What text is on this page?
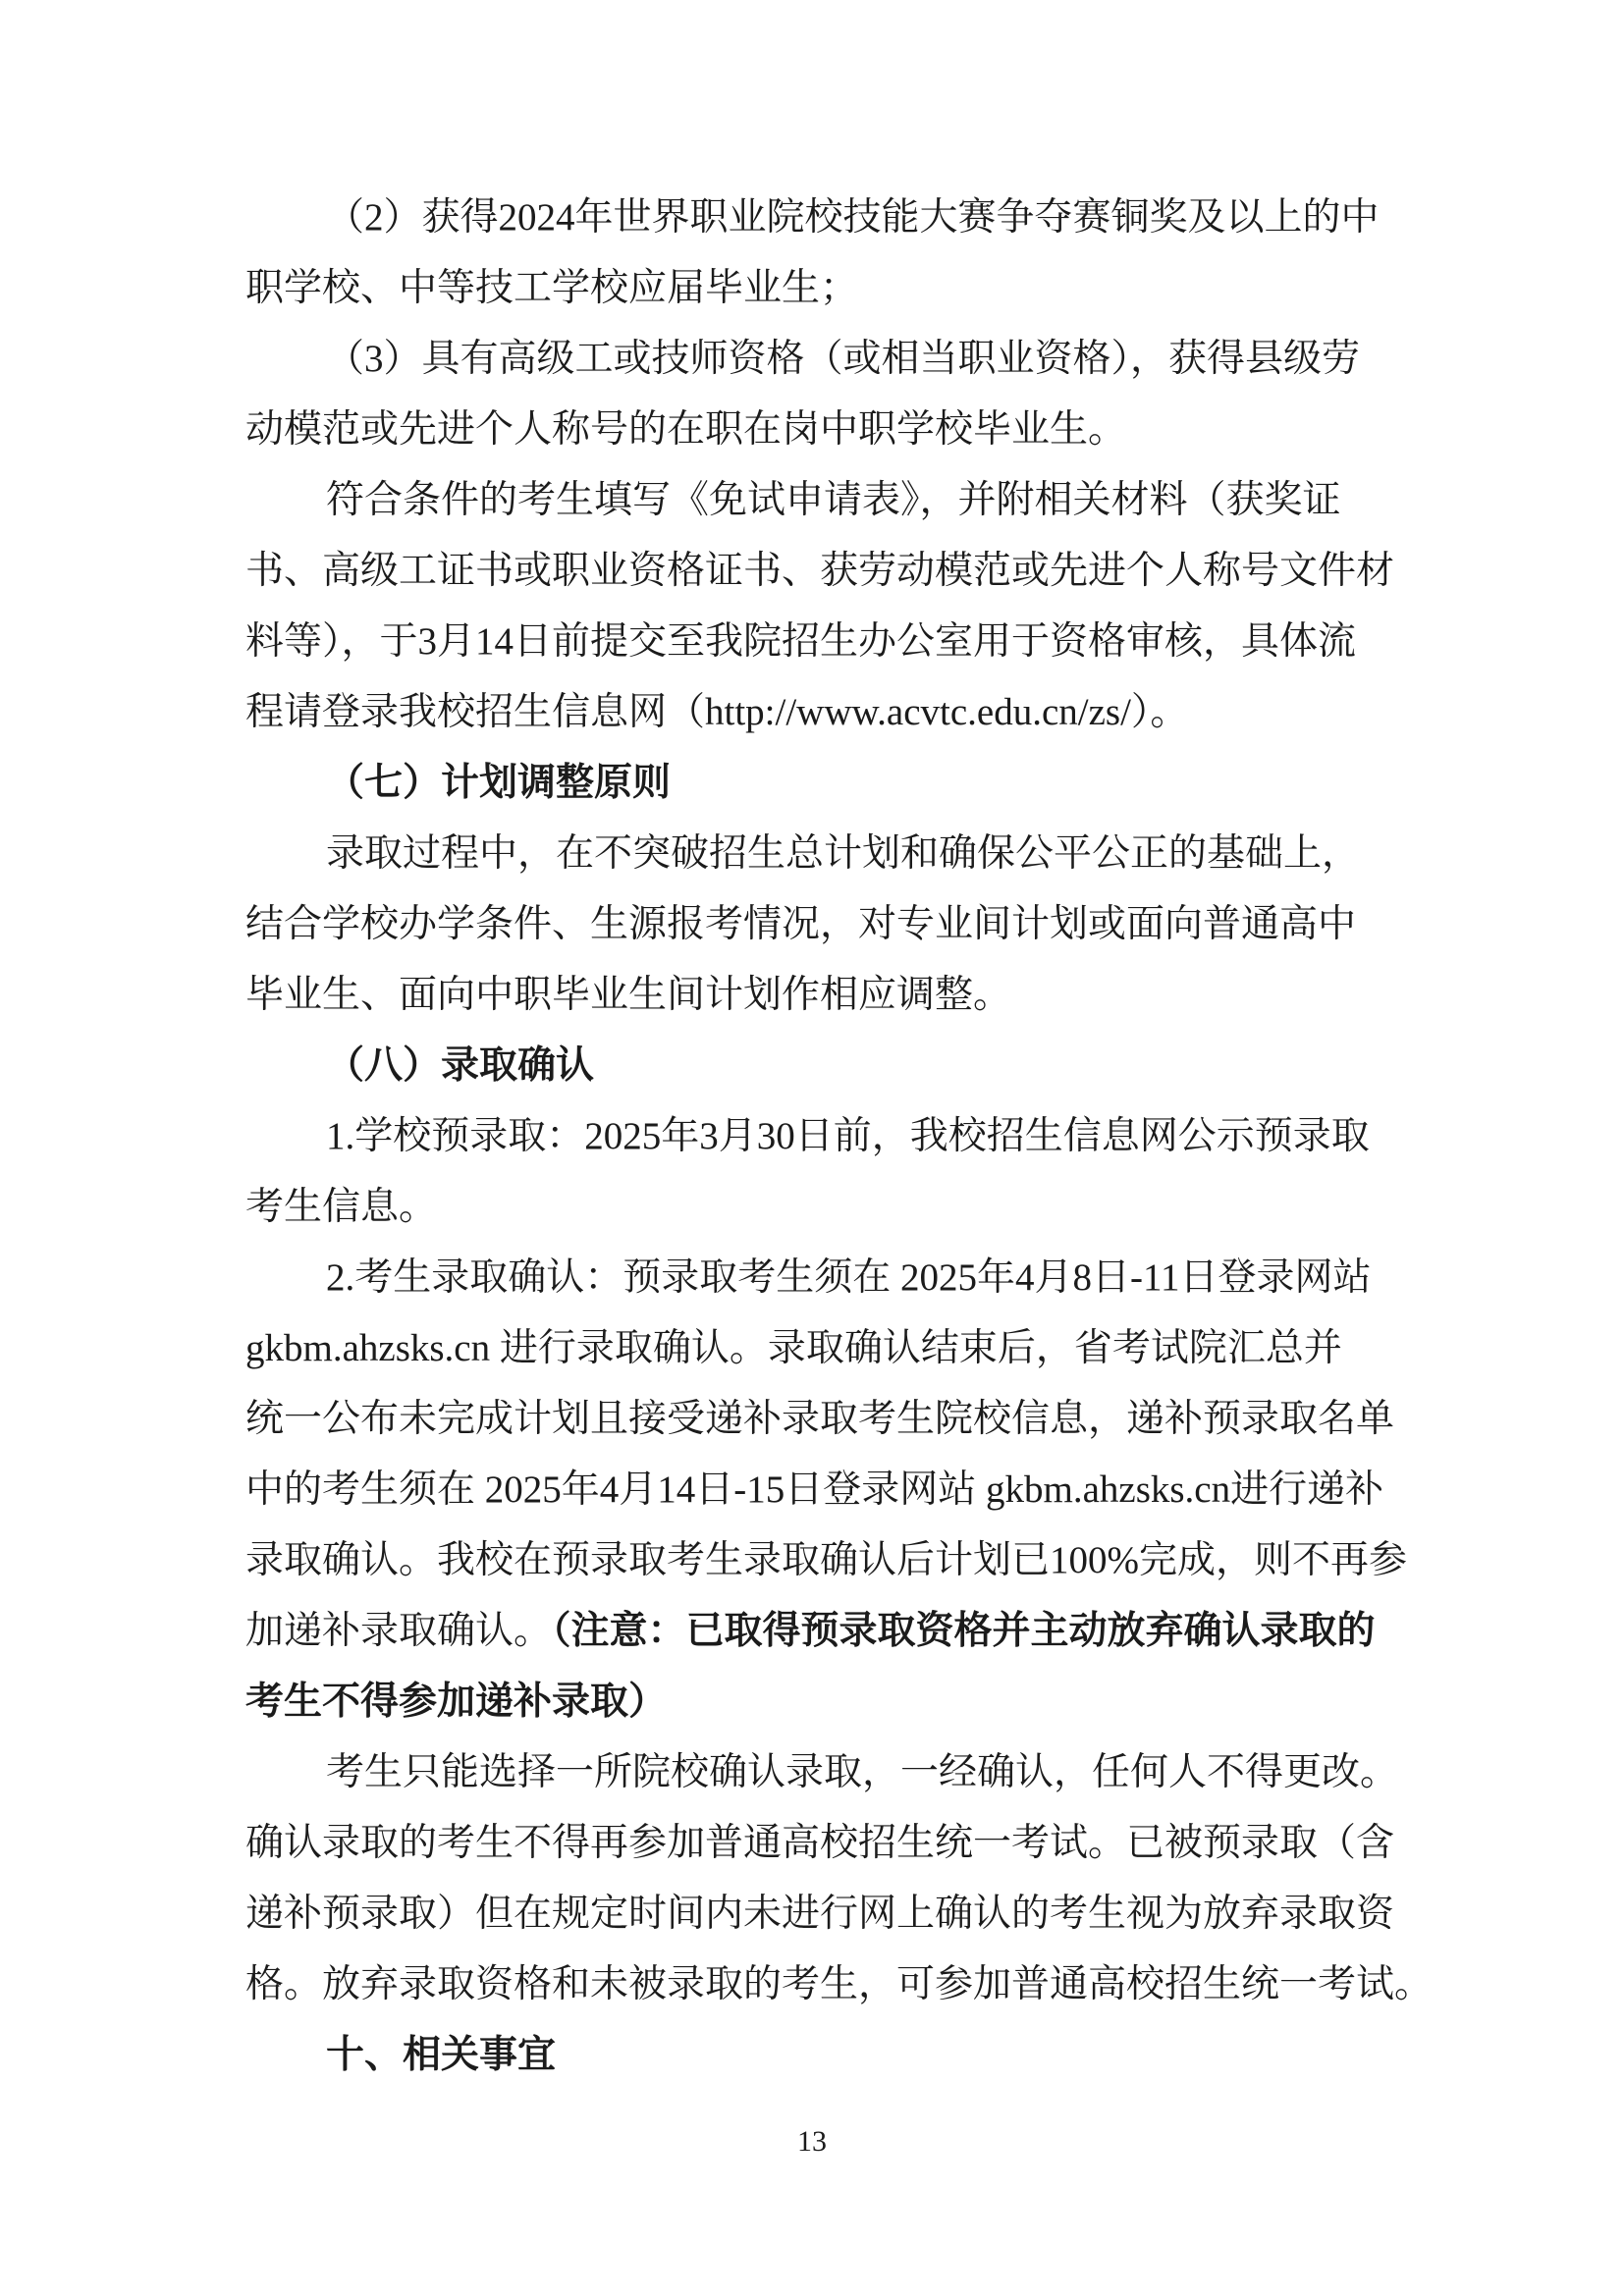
（2）获得2024年世界职业院校技能大赛争夺赛铜奖及以上的中
职学校、中等技工学校应届毕业生；
（3）具有高级工或技师资格（或相当职业资格），获得县级劳
动模范或先进个人称号的在职在岗中职学校毕业生。
符合条件的考生填写《免试申请表》，并附相关材料（获奖证
书、高级工证书或职业资格证书、获劳动模范或先进个人称号文件材
料等），于3月14日前提交至我院招生办公室用于资格审核，具体流
程请登录我校招生信息网（http://www.acvtc.edu.cn/zs/）。
（七）计划调整原则
录取过程中，在不突破招生总计划和确保公平公正的基础上，
结合学校办学条件、生源报考情况，对专业间计划或面向普通高中
毕业生、面向中职毕业生间计划作相应调整。
（八）录取确认
1.学校预录取：2025年3月30日前，我校招生信息网公示预录取
考生信息。
2.考生录取确认：预录取考生须在 2025年4月8日-11日登录网站
gkbm.ahzsks.cn 进行录取确认。录取确认结束后，省考试院汇总并
统一公布未完成计划且接受递补录取考生院校信息，递补预录取名单
中的考生须在 2025年4月14日-15日登录网站 gkbm.ahzsks.cn进行递补
录取确认。我校在预录取考生录取确认后计划已100%完成，则不再参
加递补录取确认。（注意：已取得预录取资格并主动放弃确认录取的
考生不得参加递补录取）
考生只能选择一所院校确认录取，一经确认，任何人不得更改。
确认录取的考生不得再参加普通高校招生统一考试。已被预录取（含
递补预录取）但在规定时间内未进行网上确认的考生视为放弃录取资
格。放弃录取资格和未被录取的考生，可参加普通高校招生统一考试。
十、相关事宜
13
